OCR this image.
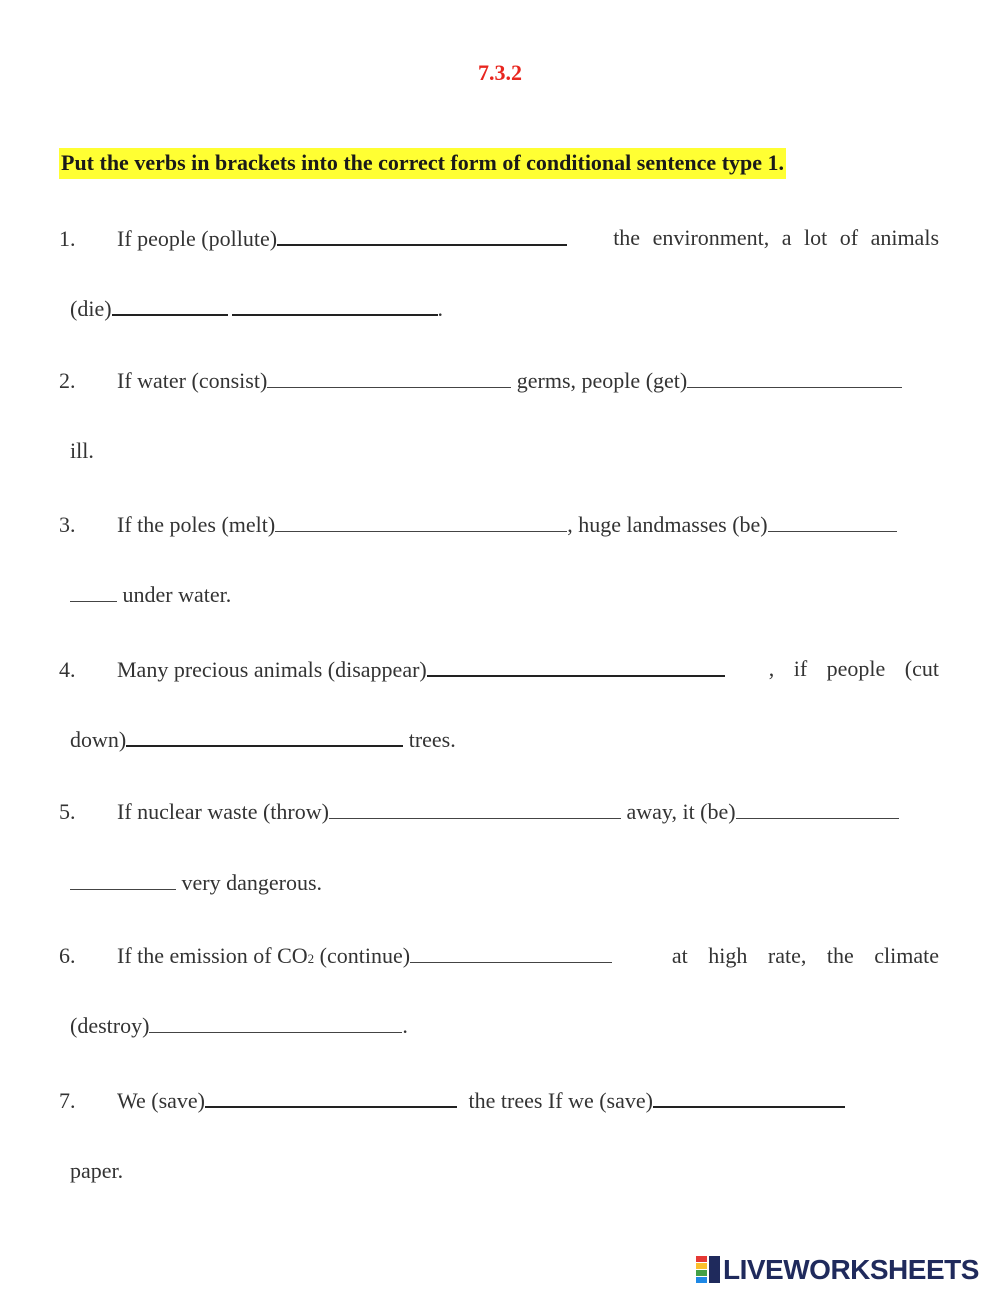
7.3.2
Put the verbs in brackets into the correct form of conditional sentence type 1.
1. If people (pollute)	the environment, a lot of animals
(die)	.
2. If water (consist)	germs, people (get)
ill.
3. If the poles (melt)	, huge landmasses (be)
under water.
4. Many precious animals (disappear)	, if people (cut
down)	trees.
5. If nuclear waste (throw)	away, it (be)
very dangerous.
6. If the emission of CO2 (continue)	at high rate, the climate
(destroy)	.
7. We (save)	the trees If we (save)
paper.
LIVEWORKSHEETS
